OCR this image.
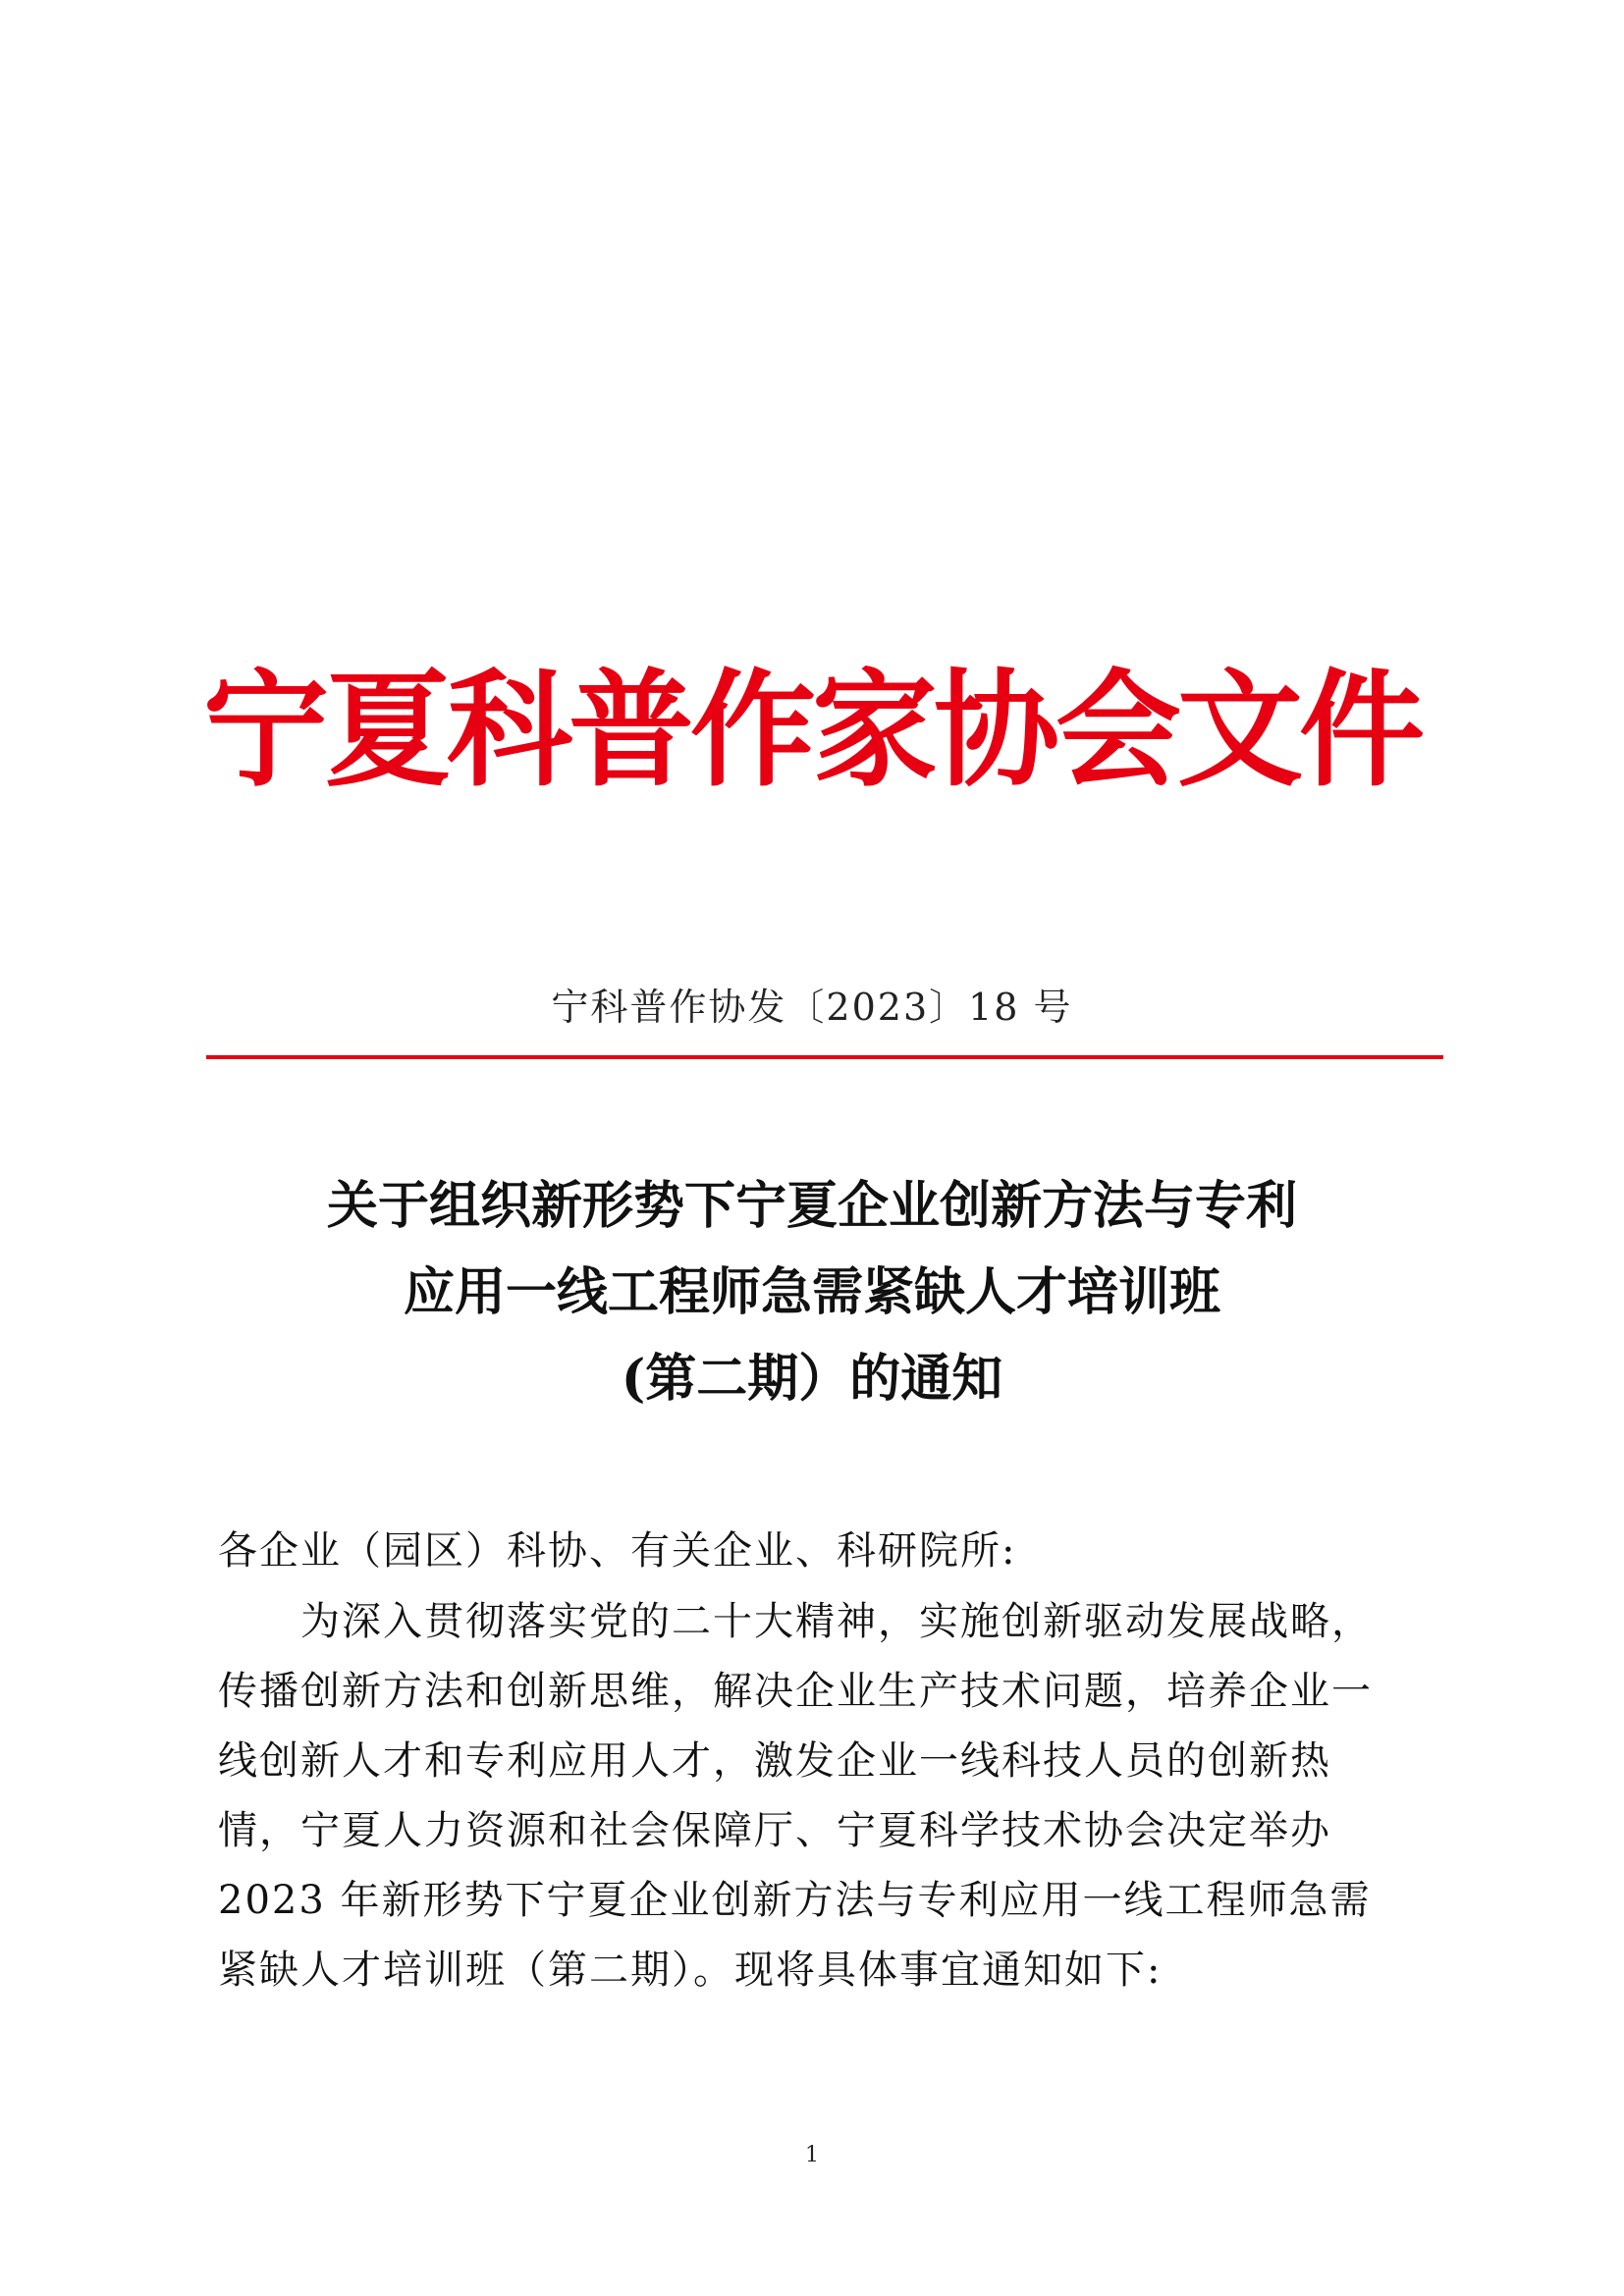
宁夏科普作家协会文件
宁科普作协发〔2023〕18 号
关于组织新形势下宁夏企业创新方法与专利
应用一线工程师急需紧缺人才培训班
(第二期）的通知
各企业（园区）科协、有关企业、科研院所:
为深入贯彻落实党的二十大精神，实施创新驱动发展战略，
传播创新方法和创新思维，解决企业生产技术问题，培养企业一
线创新人才和专利应用人才，激发企业一线科技人员的创新热
情，宁夏人力资源和社会保障厅、宁夏科学技术协会决定举办
2023 年新形势下宁夏企业创新方法与专利应用一线工程师急需
紧缺人才培训班（第二期）。现将具体事宜通知如下:
1
